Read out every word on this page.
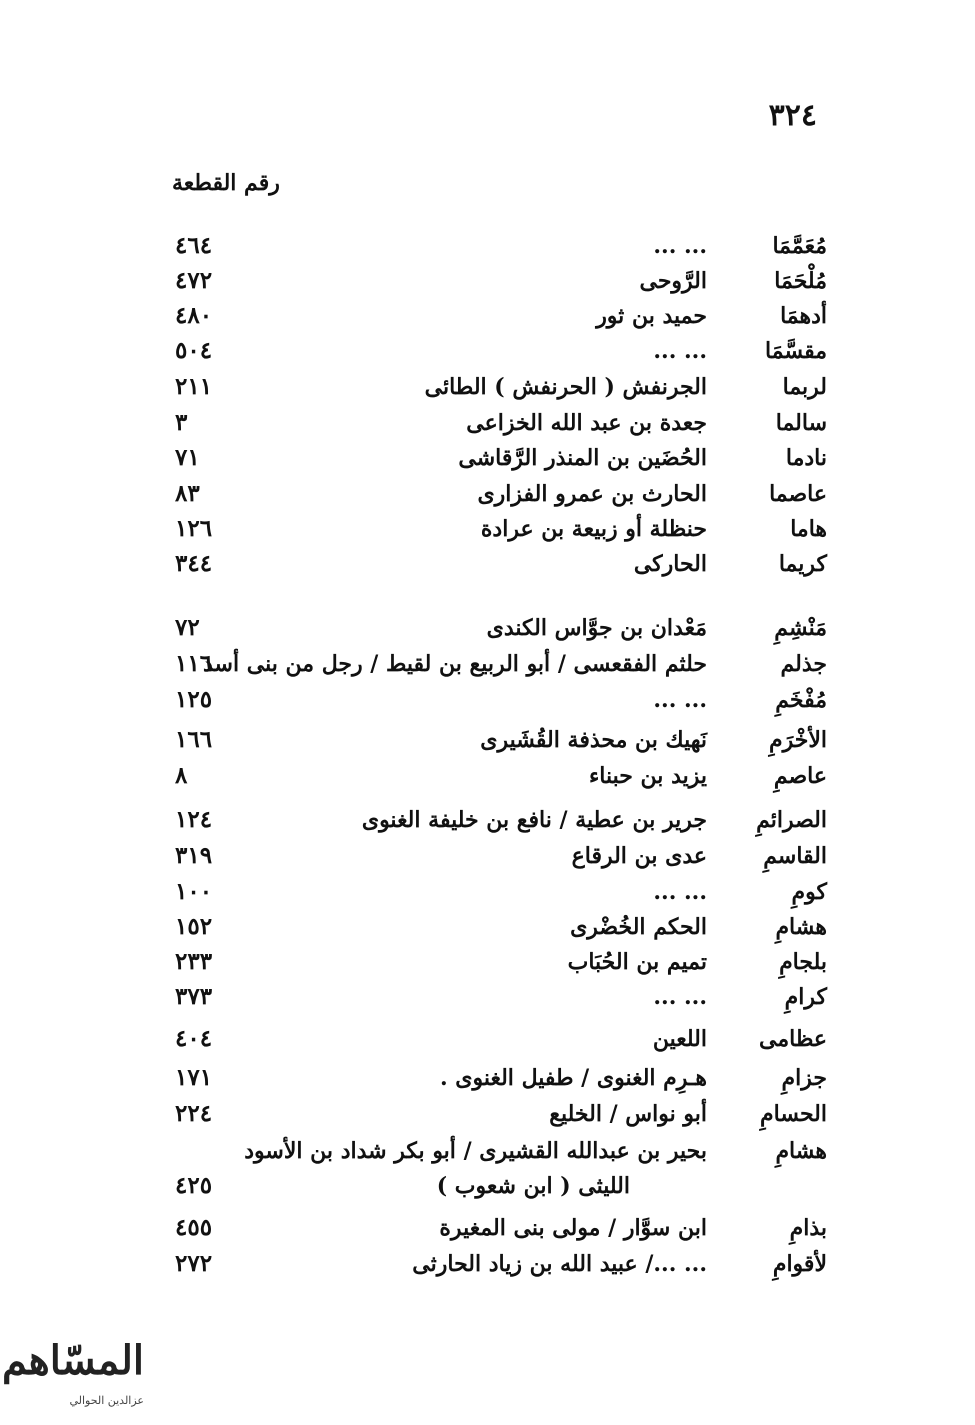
٣٢٤
رقم القطعة
مُعَمَّمَا
... ...
٤٦٤
مُلْحَمَا
الرَّوحى
٤٧٢
أدهمَا
حميد بن ثور
٤٨٠
مقسَّمَا
... ...
٥٠٤
لربما
الجرنفش ( الحرنفش ) الطائى
٢١١
سالما
جعدة بن عبد الله الخزاعى
٣
نادما
الحُضَين بن المنذر الرَّقاشى
٧١
عاصما
الحارث بن عمرو الفزارى
٨٣
هاما
حنظلة أو زبيعة بن عرادة
١٢٦
كريما
الحاركى
٣٤٤
مَنْشِمِ
مَعْدان بن جوَّاس الكندى
٧٢
جذلم
حلثم الفقعسى / أبو الربيع بن لقيط / رجل من بنى أسد
١١٦
مُفْخَمِ
... ...
١٢٥
الأخْرَمِ
نَهيك بن محذفة القُشَيرى
١٦٦
عاصمِ
يزيد بن حبناء
٨
الصرائمِ
جرير بن عطية / نافع بن خليفة الغنوى
١٢٤
القاسمِ
عدى بن الرقاع
٣١٩
كومِ
... ...
١٠٠
هشامِ
الحكم الخُضْرى
١٥٢
بلجامِ
تميم بن الحُبَاب
٢٣٣
كرامِ
... ...
٣٧٣
عظامى
اللعين
٤٠٤
جزامِ
هـرِم الغنوى / طفيل الغنوى .
١٧١
الحسامِ
أبو نواس / الخليع
٢٢٤
هشامِ
بحير بن عبدالله القشيرى / أبو بكر شداد بن الأسود
الليثى ( ابن شعوب )
٤٢٥
بذامِ
ابن سوَّار / مولى بنى المغيرة
٤٥٥
لأقوامِ
... .../ عبيد الله بن زياد الحارثى
٢٧٢
المسّاهم
عزالدين الحوالي
